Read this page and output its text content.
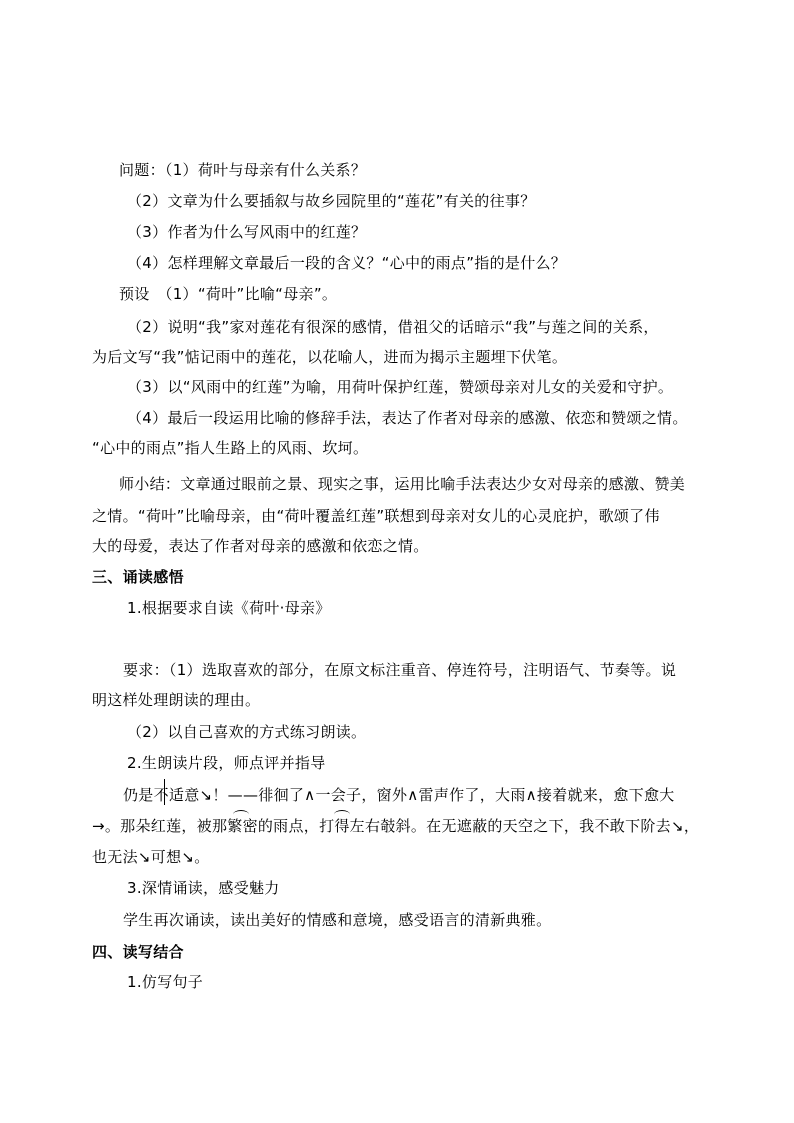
问题：（1）荷叶与母亲有什么关系？
（2）文章为什么要插叙与故乡园院里的“莲花”有关的往事？
（3）作者为什么写风雨中的红莲？
（4）怎样理解文章最后一段的含义？“心中的雨点”指的是什么？
预设　（1）“荷叶”比喻“母亲”。
（2）说明“我”家对莲花有很深的感情，借祖父的话暗示“我”与莲之间的关系，
为后文写“我”惦记雨中的莲花，以花喻人，进而为揭示主题埋下伏笔。
（3）以“风雨中的红莲”为喻，用荷叶保护红莲，赞颂母亲对儿女的关爱和守护。
（4）最后一段运用比喻的修辞手法，表达了作者对母亲的感激、依恋和赞颂之情。
“心中的雨点”指人生路上的风雨、坎坷。
师小结：文章通过眼前之景、现实之事，运用比喻手法表达少女对母亲的感激、赞美
之情。“荷叶”比喻母亲，由“荷叶覆盖红莲”联想到母亲对女儿的心灵庇护，歌颂了伟
大的母爱，表达了作者对母亲的感激和依恋之情。
三、诵读感悟
1.根据要求自读《荷叶·母亲》
要求：（1）选取喜欢的部分，在原文标注重音、停连符号，注明语气、节奏等。说
明这样处理朗读的理由。
（2）以自己喜欢的方式练习朗读。
2.生朗读片段，师点评并指导
仍是不适意↘！——徘徊了∧一会子，窗外∧雷声作了，大雨∧接着就来，愈下愈大
→。那朵红莲，被那繁密的雨点，打得左右攲斜。在无遮蔽的天空之下，我不敢下阶去↘，
也无法↘可想↘。
3.深情诵读，感受魅力
学生再次诵读，读出美好的情感和意境，感受语言的清新典雅。
四、读写结合
1.仿写句子
